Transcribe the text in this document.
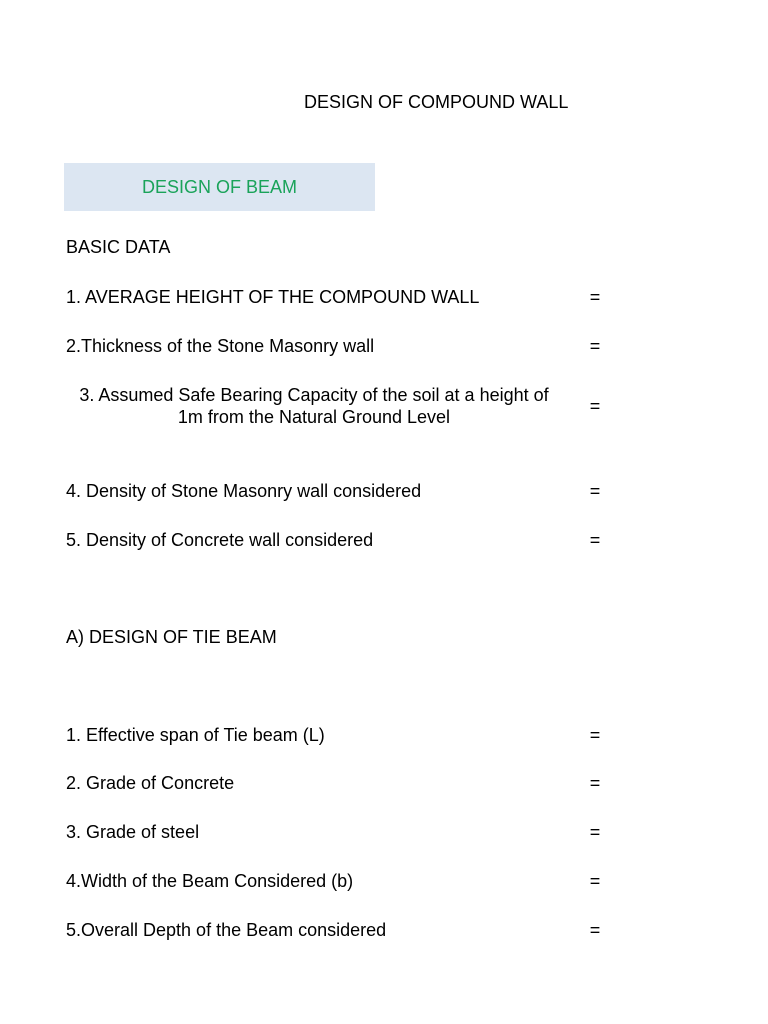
DESIGN OF COMPOUND WALL
DESIGN OF BEAM
BASIC DATA
1. AVERAGE HEIGHT OF THE COMPOUND WALL	=
2.Thickness of the Stone Masonry wall	=
3. Assumed Safe Bearing Capacity of the soil at a height of 1m from the Natural Ground Level
=
4. Density of Stone Masonry wall considered	=
5. Density of Concrete wall considered	=
A) DESIGN OF TIE BEAM
1. Effective span of Tie beam (L)	=
2. Grade of Concrete	=
3. Grade of steel	=
4.Width of the Beam Considered (b)	=
5.Overall Depth of the Beam considered	=
